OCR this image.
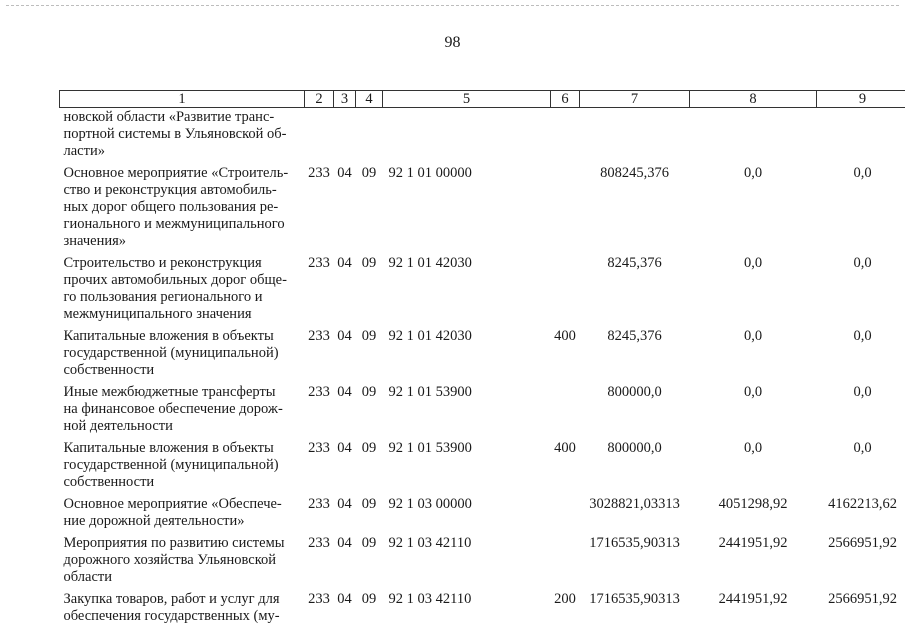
98
1	2	3	4	5	6	7	8	9
новской области «Развитие транс-
портной системы в Ульяновской об-
ласти»								
Основное мероприятие «Строитель-
ство и реконструкция автомобиль-
ных дорог общего пользования ре-
гионального и межмуниципального
значения»	233	04	09	92 1 01 00000		808245,376	0,0	0,0
Строительство и реконструкция
прочих автомобильных дорог обще-
го пользования регионального и
межмуниципального значения	233	04	09	92 1 01 42030		8245,376	0,0	0,0
Капитальные вложения в объекты
государственной (муниципальной)
собственности	233	04	09	92 1 01 42030	400	8245,376	0,0	0,0
Иные межбюджетные трансферты
на финансовое обеспечение дорож-
ной деятельности	233	04	09	92 1 01 53900		800000,0	0,0	0,0
Капитальные вложения в объекты
государственной (муниципальной)
собственности	233	04	09	92 1 01 53900	400	800000,0	0,0	0,0
Основное мероприятие «Обеспече-
ние дорожной деятельности»	233	04	09	92 1 03 00000		3028821,03313	4051298,92	4162213,62
Мероприятия по развитию системы
дорожного хозяйства Ульяновской
области	233	04	09	92 1 03 42110		1716535,90313	2441951,92	2566951,92
Закупка товаров, работ и услуг для
обеспечения государственных (му-	233	04	09	92 1 03 42110	200	1716535,90313	2441951,92	2566951,92
